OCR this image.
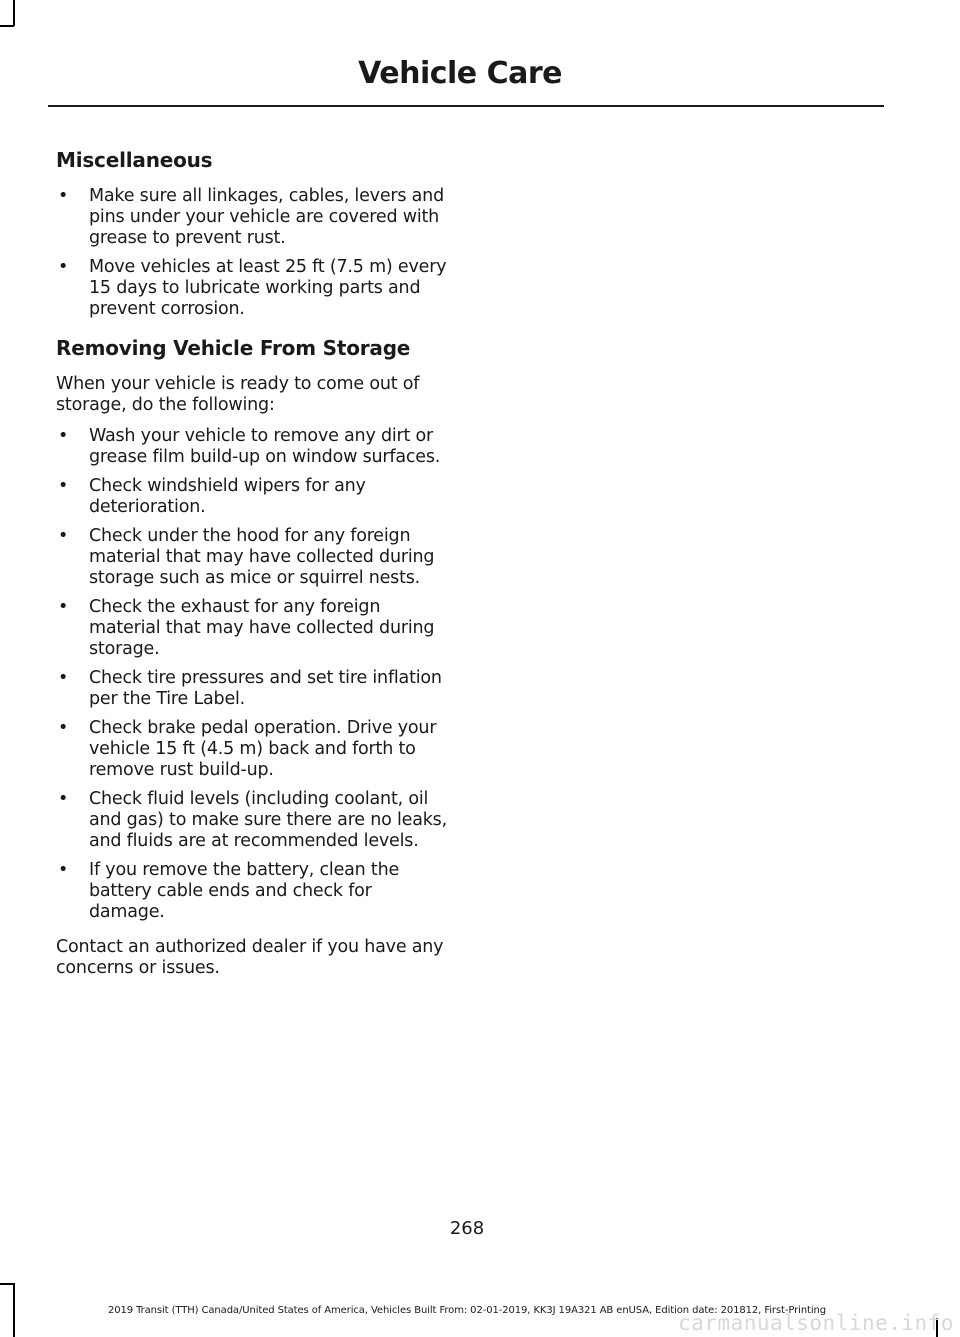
Vehicle Care
Miscellaneous
• Make sure all linkages, cables, levers and pins under your vehicle are covered with grease to prevent rust.
• Move vehicles at least 25 ft (7.5 m) every 15 days to lubricate working parts and prevent corrosion.
Removing Vehicle From Storage

When your vehicle is ready to come out of storage, do the following:

• Wash your vehicle to remove any dirt or grease film build-up on window surfaces.
• Check windshield wipers for any deterioration.
• Check under the hood for any foreign material that may have collected during storage such as mice or squirrel nests.
• Check the exhaust for any foreign material that may have collected during storage.
• Check tire pressures and set tire inflation per the Tire Label.
• Check brake pedal operation. Drive your vehicle 15 ft (4.5 m) back and forth to remove rust build-up.
• Check fluid levels (including coolant, oil and gas) to make sure there are no leaks, and fluids are at recommended levels.
• If you remove the battery, clean the battery cable ends and check for damage.

Contact an authorized dealer if you have any concerns or issues.

268
2019 Transit (TTH) Canada/United States of America, Vehicles Built From: 02-01-2019, KK3J 19A321 AB enUSA, Edition date: 201812, First-Printing
carmanualsonline.info
